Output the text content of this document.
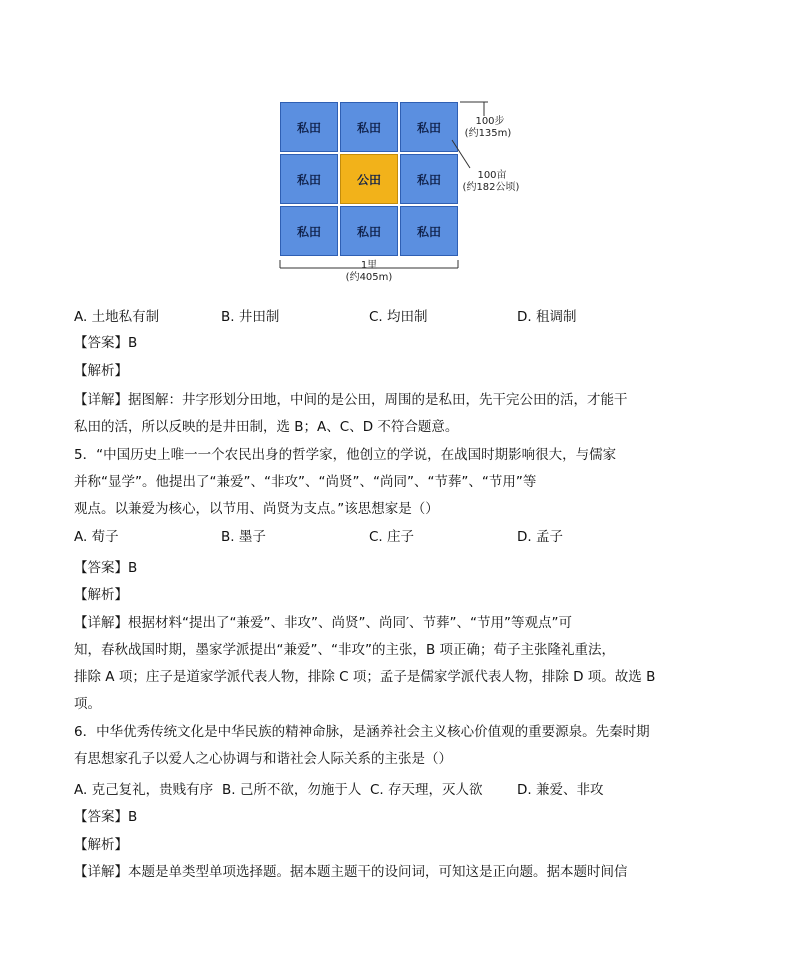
私田	私田	私田
私田	公田	私田
私田	私田	私田
100步
(约135m)
100亩
(约182公顷)
1里
(约405m)
A. 土地私有制	B. 井田制	C. 均田制	D. 租调制
【答案】B
【解析】
【详解】据图解：井字形划分田地，中间的是公田，周围的是私田，先干完公田的活，才能干
私田的活，所以反映的是井田制，选 B；A、C、D 不符合题意。
5．“中国历史上唯一一个农民出身的哲学家，他创立的学说，在战国时期影响很大，与儒家
并称“显学”。他提出了“兼爱”、“非攻”、“尚贤”、“尚同”、“节葬”、“节用”等
观点。以兼爱为核心，以节用、尚贤为支点。”该思想家是（）
A. 荀子	B. 墨子	C. 庄子	D. 孟子
【答案】B
【解析】
【详解】根据材料“提出了“兼爱”、非攻”、尚贤”、尚同′、节葬”、“节用”等观点”可
知，春秋战国时期，墨家学派提出“兼爱”、“非攻”的主张，B 项正确；荀子主张隆礼重法，
排除 A 项；庄子是道家学派代表人物，排除 C 项；孟子是儒家学派代表人物，排除 D 项。故选 B
项。
6．中华优秀传统文化是中华民族的精神命脉，是涵养社会主义核心价值观的重要源泉。先秦时期
有思想家孔子以爱人之心协调与和谐社会人际关系的主张是（）
A. 克己复礼，贵贱有序 B. 己所不欲，勿施于人 C. 存天理，灭人欲	D. 兼爱、非攻
【答案】B
【解析】
【详解】本题是单类型单项选择题。据本题主题干的设问词，可知这是正向题。据本题时间信
